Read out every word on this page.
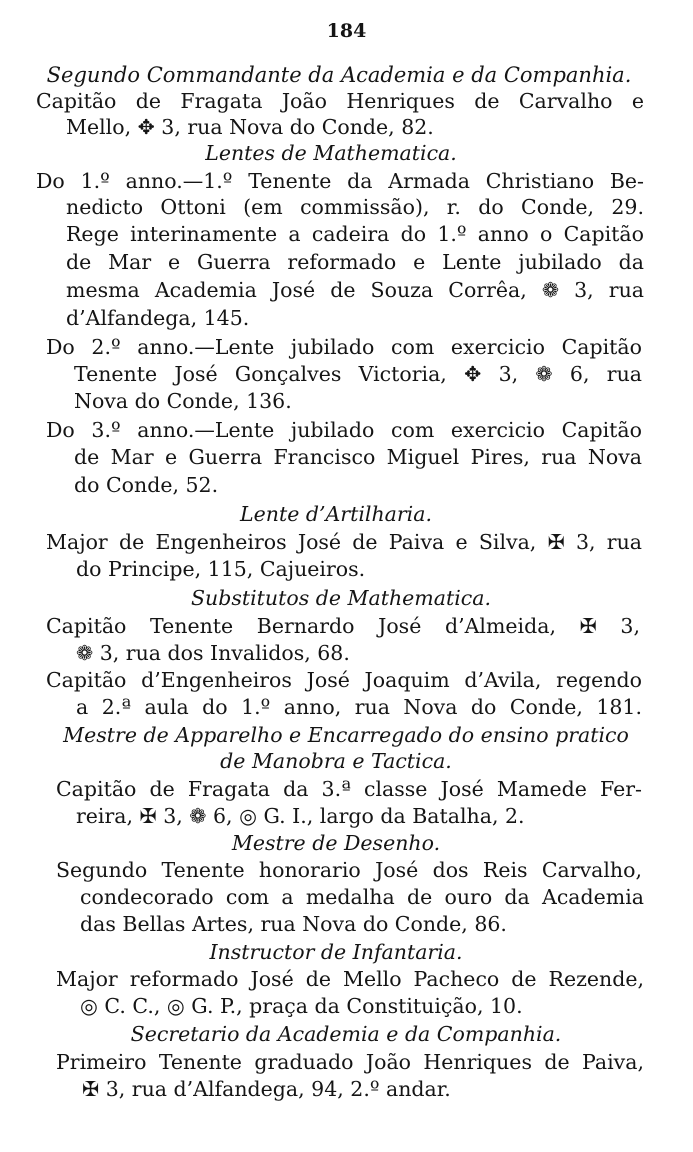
184
Segundo Commandante da Academia e da Companhia.
Capitão de Fragata João Henriques de Carvalho e
Mello, ✥ 3, rua Nova do Conde, 82.
Lentes de Mathematica.
Do 1.º anno.—1.º Tenente da Armada Christiano Be-
nedicto Ottoni (em commissão), r. do Conde, 29.
Rege interinamente a cadeira do 1.º anno o Capitão
de Mar e Guerra reformado e Lente jubilado da
mesma Academia José de Souza Corrêa, ❁ 3, rua
d’Alfandega, 145.
Do 2.º anno.—Lente jubilado com exercicio Capitão
Tenente José Gonçalves Victoria, ✥ 3, ❁ 6, rua
Nova do Conde, 136.
Do 3.º anno.—Lente jubilado com exercicio Capitão
de Mar e Guerra Francisco Miguel Pires, rua Nova
do Conde, 52.
Lente d’Artilharia.
Major de Engenheiros José de Paiva e Silva, ✠ 3, rua
do Principe, 115, Cajueiros.
Substitutos de Mathematica.
Capitão Tenente Bernardo José d’Almeida, ✠ 3,
❁ 3, rua dos Invalidos, 68.
Capitão d’Engenheiros José Joaquim d’Avila, regendo
a 2.ª aula do 1.º anno, rua Nova do Conde, 181.
Mestre de Apparelho e Encarregado do ensino pratico
de Manobra e Tactica.
Capitão de Fragata da 3.ª classe José Mamede Fer-
reira, ✠ 3, ❁ 6, ◎ G. I., largo da Batalha, 2.
Mestre de Desenho.
Segundo Tenente honorario José dos Reis Carvalho,
condecorado com a medalha de ouro da Academia
das Bellas Artes, rua Nova do Conde, 86.
Instructor de Infantaria.
Major reformado José de Mello Pacheco de Rezende,
◎ C. C., ◎ G. P., praça da Constituição, 10.
Secretario da Academia e da Companhia.
Primeiro Tenente graduado João Henriques de Paiva,
✠ 3, rua d’Alfandega, 94, 2.º andar.
